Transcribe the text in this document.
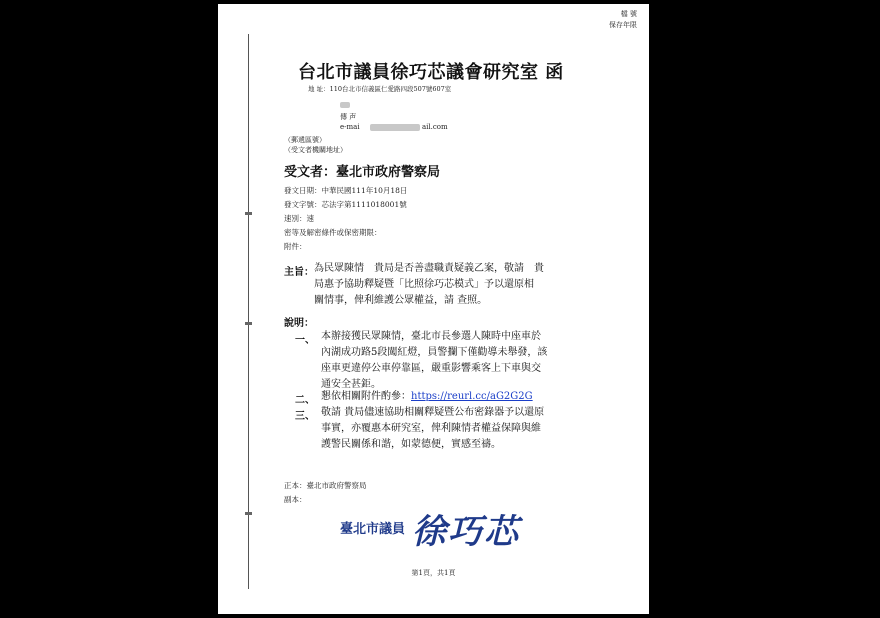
檔 號
保存年限
台北市議員徐巧芯議會研究室 函
地 址：110台北市信義區仁愛路四段507號607室
傳 声
e-mai	ail.com
（郵遞區號）
（受文者機關地址）
受文者：臺北市政府警察局
發文日期：中華民國111年10月18日
發文字號：芯法字第1111018001號
速別：速
密等及解密條件或保密期限：
附件：
主旨： 為民眾陳情　貴局是否善盡職責疑義乙案，敬請　貴
局惠予協助釋疑暨「比照徐巧芯模式」予以還原相
關情事，俾利維護公眾權益，請 查照。
說明：
一、 本辦接獲民眾陳情，臺北市長參選人陳時中座車於
內湖成功路5段闖紅燈，員警攔下僅勸導未舉發，該
座車更違停公車停靠區，嚴重影響乘客上下車與交
通安全甚鉅。
二、 懇依相關附件酌參：https://reurl.cc/aG2G2G
三、 敬請 貴局儘速協助相關釋疑暨公布密錄器予以還原
事實，亦覆惠本研究室，俾利陳情者權益保障與維
護警民關係和諧，如蒙德便，實感至禱。
正本：臺北市政府警察局
副本：
臺北市議員 徐巧芯
第1頁，共1頁
